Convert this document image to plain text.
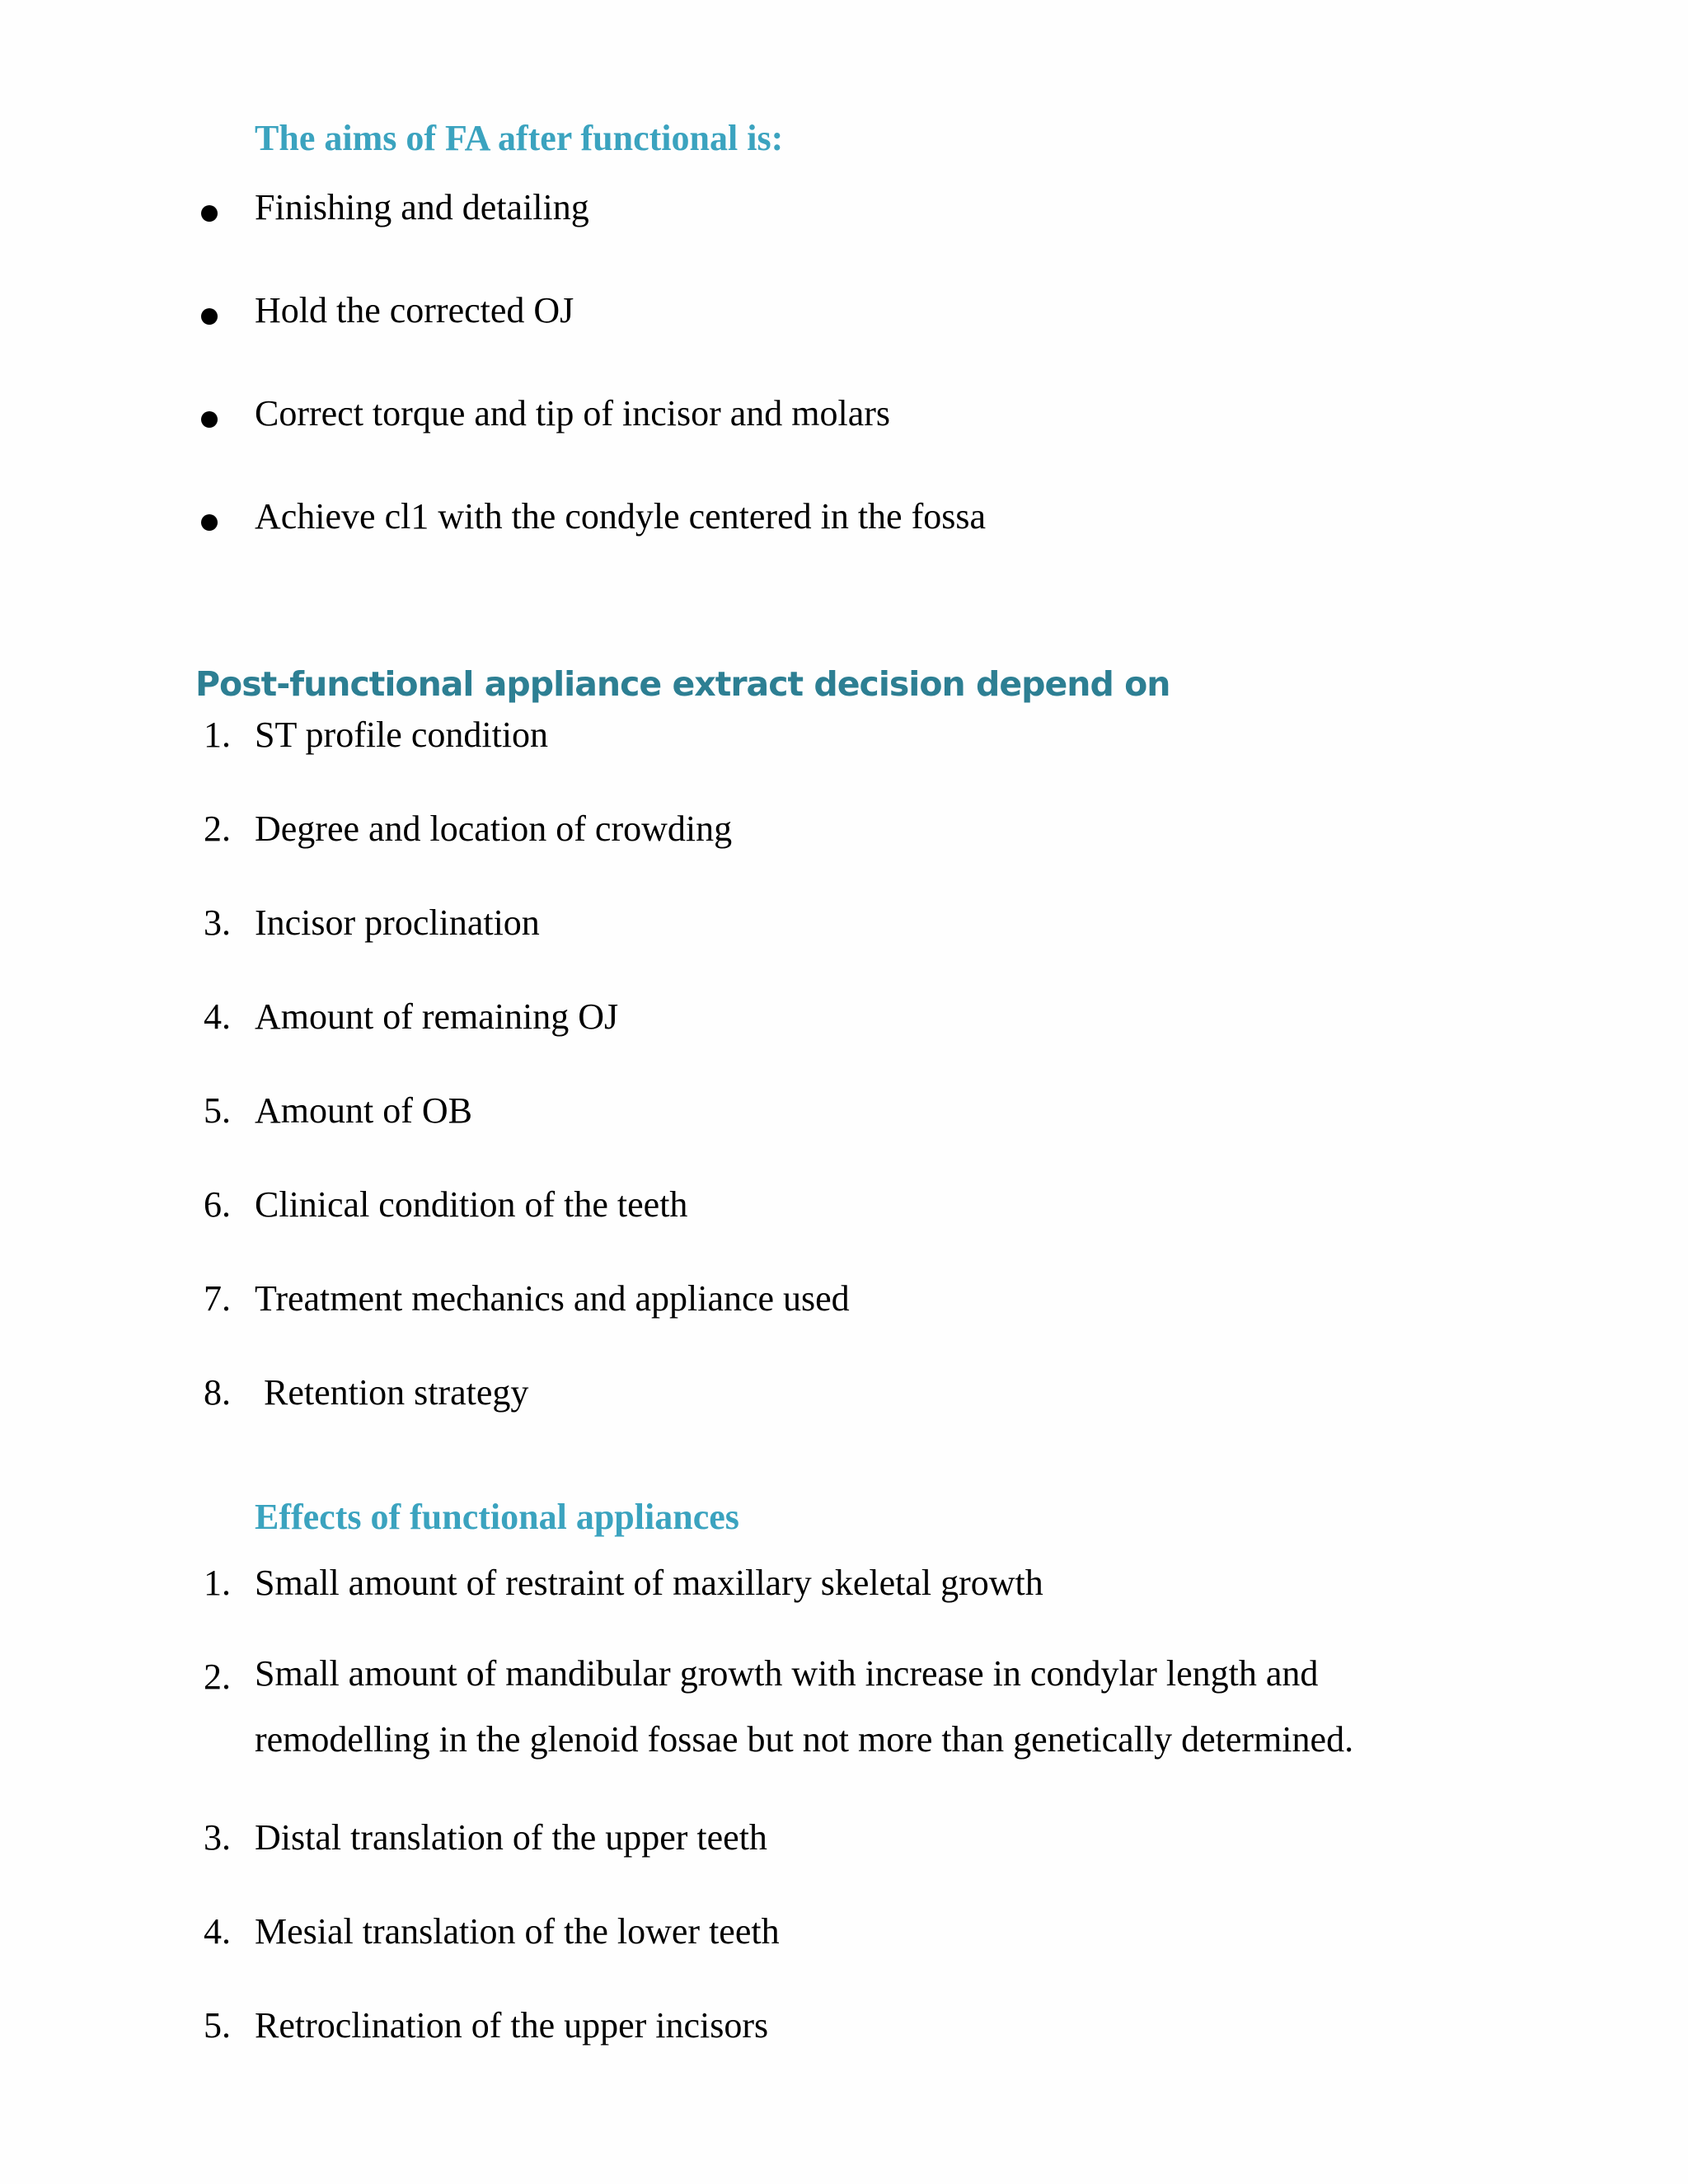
The aims of FA after functional is:
Finishing and detailing
Hold the corrected OJ
Correct torque and tip of incisor and molars
Achieve cl1 with the condyle centered in the fossa
Post-functional appliance extract decision depend on
1. ST profile condition
2. Degree and location of crowding
3. Incisor proclination
4. Amount of remaining OJ
5. Amount of OB
6. Clinical condition of the teeth
7. Treatment mechanics and appliance used
8. Retention strategy
Effects of functional appliances
1. Small amount of restraint of maxillary skeletal growth
2. Small amount of mandibular growth with increase in condylar length and remodelling in the glenoid fossae but not more than genetically determined.
3. Distal translation of the upper teeth
4. Mesial translation of the lower teeth
5. Retroclination of the upper incisors
